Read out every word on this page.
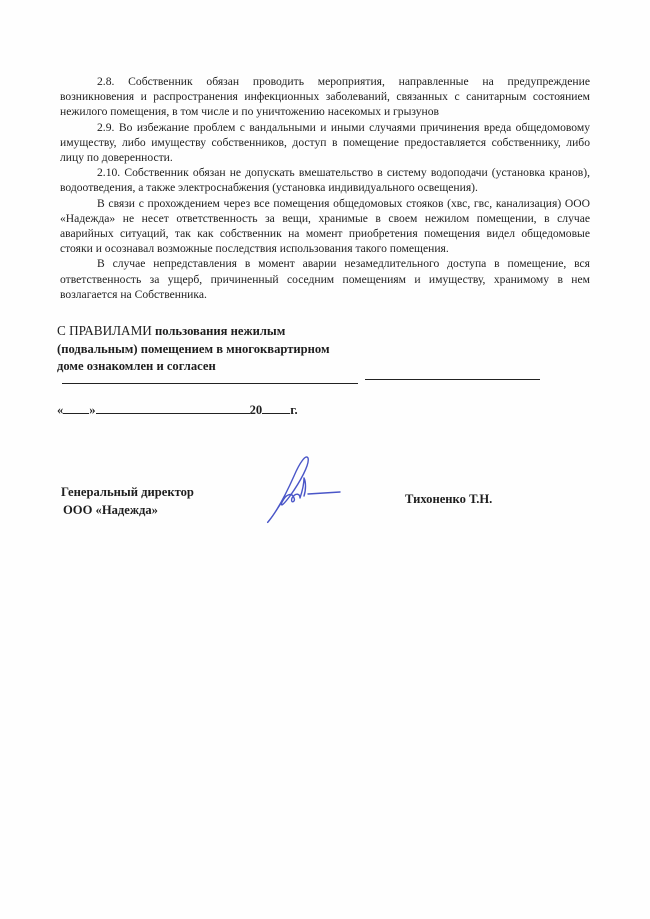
2.8. Собственник обязан проводить мероприятия, направленные на предупреждение возникновения и распространения инфекционных заболеваний, связанных с санитарным состоянием нежилого помещения, в том числе и по уничтожению насекомых и грызунов

2.9. Во избежание проблем с вандальными и иными случаями причинения вреда общедомовому имуществу, либо имуществу собственников, доступ в помещение предоставляется собственнику, либо лицу по доверенности.

2.10. Собственник обязан не допускать вмешательство в систему водоподачи (установка кранов), водоотведения, а также электроснабжения (установка индивидуального освещения).

В связи с прохождением через все помещения общедомовых стояков (хвс, гвс, канализация) ООО «Надежда» не несет ответственность за вещи, хранимые в своем нежилом помещении, в случае аварийных ситуаций, так как собственник на момент приобретения помещения видел общедомовые стояки и осознавал возможные последствия использования такого помещения.

В случае непредставления в момент аварии незамедлительного доступа в помещение, вся ответственность за ущерб, причиненный соседним помещениям и имуществу, хранимому в нем возлагается на Собственника.

С ПРАВИЛАМИ пользования нежилым
(подвальным) помещением в многоквартирном
доме ознакомлен и согласен
« »	20 г.
Генеральный директор
ООО «Надежда»
Тихоненко Т.Н.
